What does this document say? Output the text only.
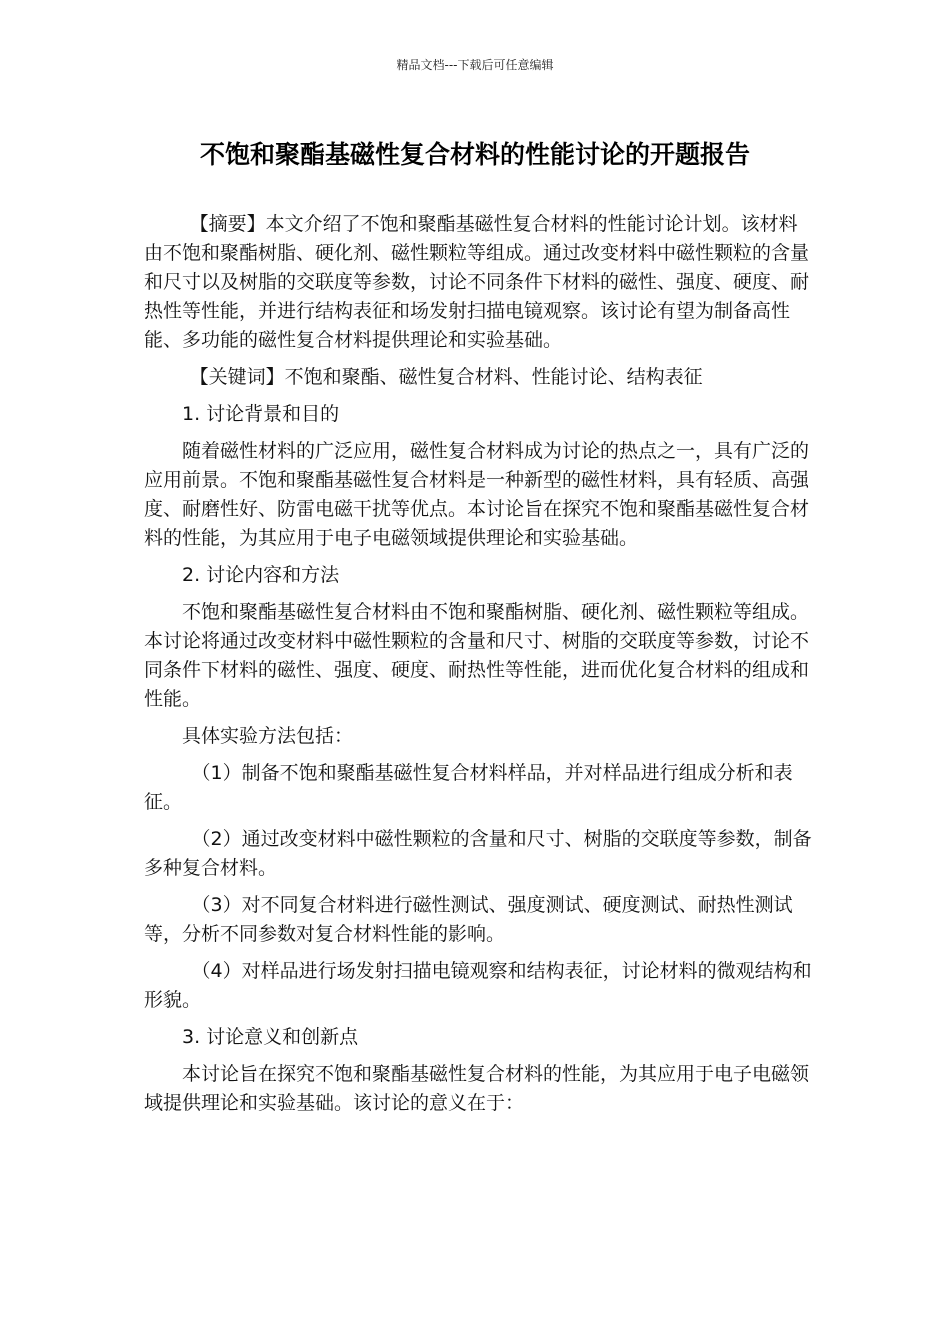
精品文档---下载后可任意编辑
不饱和聚酯基磁性复合材料的性能讨论的开题报告

【摘要】本文介绍了不饱和聚酯基磁性复合材料的性能讨论计划。该材料由不饱和聚酯树脂、硬化剂、磁性颗粒等组成。通过改变材料中磁性颗粒的含量和尺寸以及树脂的交联度等参数，讨论不同条件下材料的磁性、强度、硬度、耐热性等性能，并进行结构表征和场发射扫描电镜观察。该讨论有望为制备高性能、多功能的磁性复合材料提供理论和实验基础。

【关键词】不饱和聚酯、磁性复合材料、性能讨论、结构表征

1. 讨论背景和目的

随着磁性材料的广泛应用，磁性复合材料成为讨论的热点之一，具有广泛的应用前景。不饱和聚酯基磁性复合材料是一种新型的磁性材料，具有轻质、高强度、耐磨性好、防雷电磁干扰等优点。本讨论旨在探究不饱和聚酯基磁性复合材料的性能，为其应用于电子电磁领域提供理论和实验基础。

2. 讨论内容和方法

不饱和聚酯基磁性复合材料由不饱和聚酯树脂、硬化剂、磁性颗粒等组成。本讨论将通过改变材料中磁性颗粒的含量和尺寸、树脂的交联度等参数，讨论不同条件下材料的磁性、强度、硬度、耐热性等性能，进而优化复合材料的组成和性能。

具体实验方法包括：

（1）制备不饱和聚酯基磁性复合材料样品，并对样品进行组成分析和表征。

（2）通过改变材料中磁性颗粒的含量和尺寸、树脂的交联度等参数，制备多种复合材料。

（3）对不同复合材料进行磁性测试、强度测试、硬度测试、耐热性测试等，分析不同参数对复合材料性能的影响。

（4）对样品进行场发射扫描电镜观察和结构表征，讨论材料的微观结构和形貌。

3. 讨论意义和创新点

本讨论旨在探究不饱和聚酯基磁性复合材料的性能，为其应用于电子电磁领域提供理论和实验基础。该讨论的意义在于：
